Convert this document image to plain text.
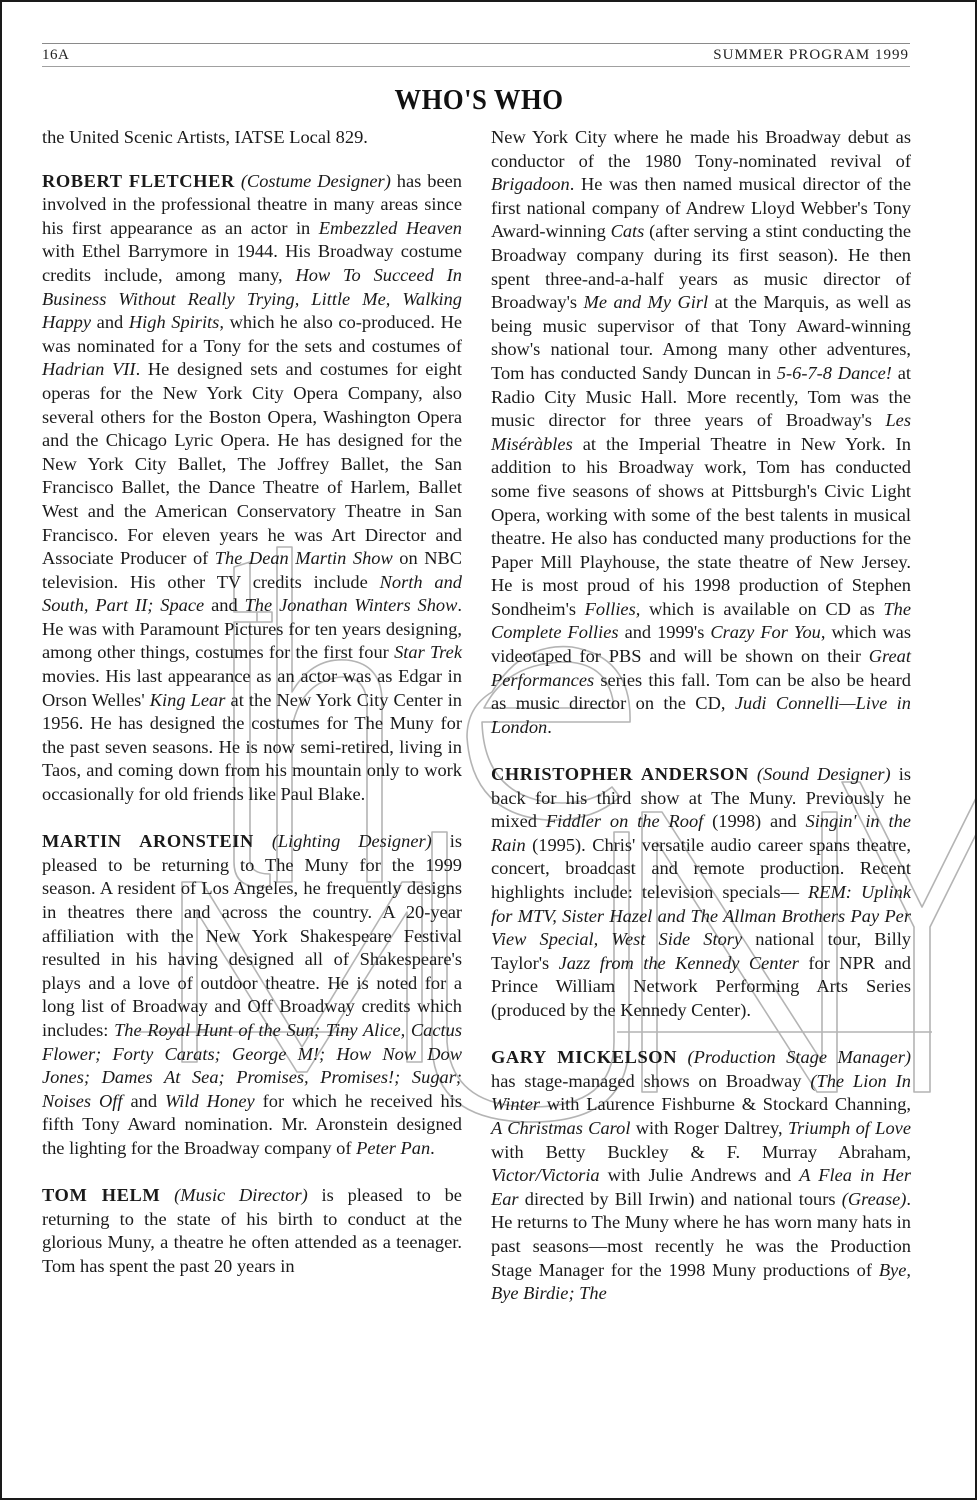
16A	SUMMER PROGRAM 1999
WHO'S WHO

the United Scenic Artists, IATSE Local 829.

ROBERT FLETCHER (Costume Designer) has been involved in the professional theatre in many areas since his first appearance as an actor in Embezzled Heaven with Ethel Barrymore in 1944. His Broadway costume credits include, among many, How To Succeed In Business Without Really Trying, Little Me, Walking Happy and High Spirits, which he also co-produced. He was nominated for a Tony for the sets and costumes of Hadrian VII. He designed sets and costumes for eight operas for the New York City Opera Company, also several others for the Boston Opera, Washington Opera and the Chicago Lyric Opera. He has designed for the New York City Ballet, The Joffrey Ballet, the San Francisco Ballet, the Dance Theatre of Harlem, Ballet West and the American Conservatory Theatre in San Francisco. For eleven years he was Art Director and Associate Producer of The Dean Martin Show on NBC television. His other TV credits include North and South, Part II; Space and The Jonathan Winters Show. He was with Paramount Pictures for ten years designing, among other things, costumes for the first four Star Trek movies. His last appearance as an actor was as Edgar in Orson Welles' King Lear at the New York City Center in 1956. He has designed the costumes for The Muny for the past seven seasons. He is now semi-retired, living in Taos, and coming down from his mountain only to work occasionally for old friends like Paul Blake.

MARTIN ARONSTEIN (Lighting Designer) is pleased to be returning to The Muny for the 1999 season. A resident of Los Angeles, he frequently designs in theatres there and across the country. A 20-year affiliation with the New York Shakespeare Festival resulted in his having designed all of Shakespeare's plays and a love of outdoor theatre. He is noted for a long list of Broadway and Off Broadway credits which includes: The Royal Hunt of the Sun; Tiny Alice, Cactus Flower; Forty Carats; George M!; How Now Dow Jones; Dames At Sea; Promises, Promises!; Sugar; Noises Off and Wild Honey for which he received his fifth Tony Award nomination. Mr. Aronstein designed the lighting for the Broadway company of Peter Pan.

TOM HELM (Music Director) is pleased to be returning to the state of his birth to conduct at the glorious Muny, a theatre he often attended as a teenager. Tom has spent the past 20 years in

New York City where he made his Broadway debut as conductor of the 1980 Tony-nominated revival of Brigadoon. He was then named musical director of the first national company of Andrew Lloyd Webber's Tony Award-winning Cats (after serving a stint conducting the Broadway company during its first season). He then spent three-and-a-half years as music director of Broadway's Me and My Girl at the Marquis, as well as being music supervisor of that Tony Award-winning show's national tour. Among many other adventures, Tom has conducted Sandy Duncan in 5-6-7-8 Dance! at Radio City Music Hall. More recently, Tom was the music director for three years of Broadway's Les Miséràbles at the Imperial Theatre in New York. In addition to his Broadway work, Tom has conducted some five seasons of shows at Pittsburgh's Civic Light Opera, working with some of the best talents in musical theatre. He also has conducted many productions for the Paper Mill Playhouse, the state theatre of New Jersey. He is most proud of his 1998 production of Stephen Sondheim's Follies, which is available on CD as The Complete Follies and 1999's Crazy For You, which was videotaped for PBS and will be shown on their Great Performances series this fall. Tom can be also be heard as music director on the CD, Judi Connelli—Live in London.

CHRISTOPHER ANDERSON (Sound Designer) is back for his third show at The Muny. Previously he mixed Fiddler on the Roof (1998) and Singin' in the Rain (1995). Chris' versatile audio career spans theatre, concert, broadcast and remote production. Recent highlights include: television specials— REM: Uplink for MTV, Sister Hazel and The Allman Brothers Pay Per View Special, West Side Story national tour, Billy Taylor's Jazz from the Kennedy Center for NPR and Prince William Network Performing Arts Series (produced by the Kennedy Center).

GARY MICKELSON (Production Stage Manager) has stage-managed shows on Broadway (The Lion In Winter with Laurence Fishburne & Stockard Channing, A Christmas Carol with Roger Daltrey, Triumph of Love with Betty Buckley & F. Murray Abraham, Victor/Victoria with Julie Andrews and A Flea in Her Ear directed by Bill Irwin) and national tours (Grease). He returns to The Muny where he has worn many hats in past seasons—most recently he was the Production Stage Manager for the 1998 Muny productions of Bye, Bye Birdie; The
